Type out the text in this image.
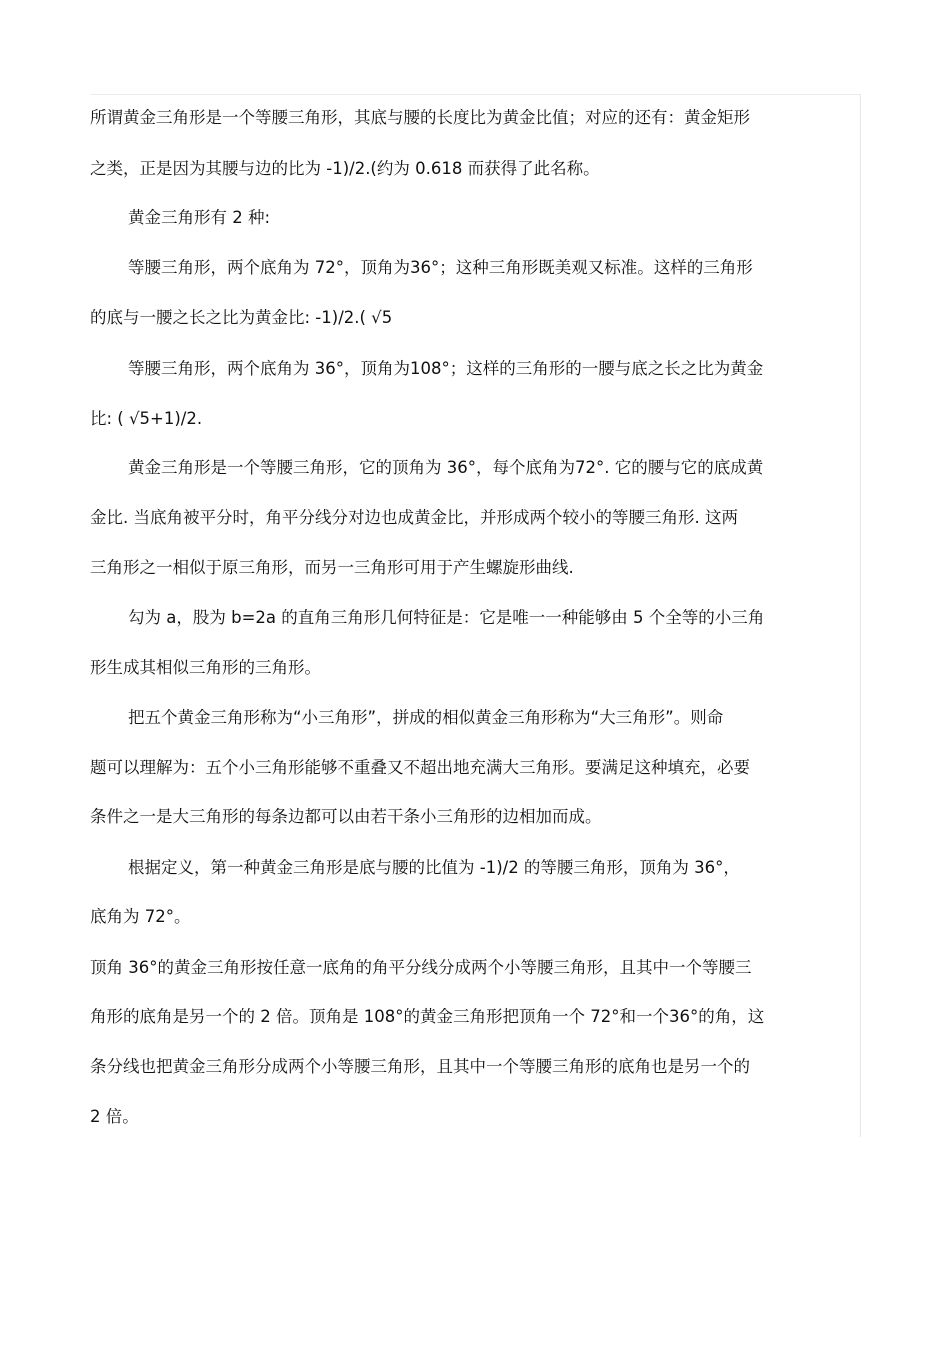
所谓黄金三角形是一个等腰三角形，其底与腰的长度比为黄金比值；对应的还有：黄金矩形
之类，正是因为其腰与边的比为 -1)/2.(约为 0.618 而获得了此名称。
黄金三角形有 2 种:
等腰三角形，两个底角为 72°，顶角为36°；这种三角形既美观又标准。这样的三角形
的底与一腰之长之比为黄金比: -1)/2.( √5
等腰三角形，两个底角为 36°，顶角为108°；这样的三角形的一腰与底之长之比为黄金
比: ( √5+1)/2.
黄金三角形是一个等腰三角形，它的顶角为 36°，每个底角为72°. 它的腰与它的底成黄
金比. 当底角被平分时，角平分线分对边也成黄金比，并形成两个较小的等腰三角形. 这两
三角形之一相似于原三角形，而另一三角形可用于产生螺旋形曲线.
勾为 a，股为 b=2a 的直角三角形几何特征是：它是唯一一种能够由 5 个全等的小三角
形生成其相似三角形的三角形。
把五个黄金三角形称为“小三角形”，拼成的相似黄金三角形称为“大三角形”。则命
题可以理解为：五个小三角形能够不重叠又不超出地充满大三角形。要满足这种填充，必要
条件之一是大三角形的每条边都可以由若干条小三角形的边相加而成。
根据定义，第一种黄金三角形是底与腰的比值为 -1)/2 的等腰三角形，顶角为 36°，
底角为 72°。
顶角 36°的黄金三角形按任意一底角的角平分线分成两个小等腰三角形，且其中一个等腰三
角形的底角是另一个的 2 倍。顶角是 108°的黄金三角形把顶角一个 72°和一个36°的角，这
条分线也把黄金三角形分成两个小等腰三角形，且其中一个等腰三角形的底角也是另一个的
2 倍。
